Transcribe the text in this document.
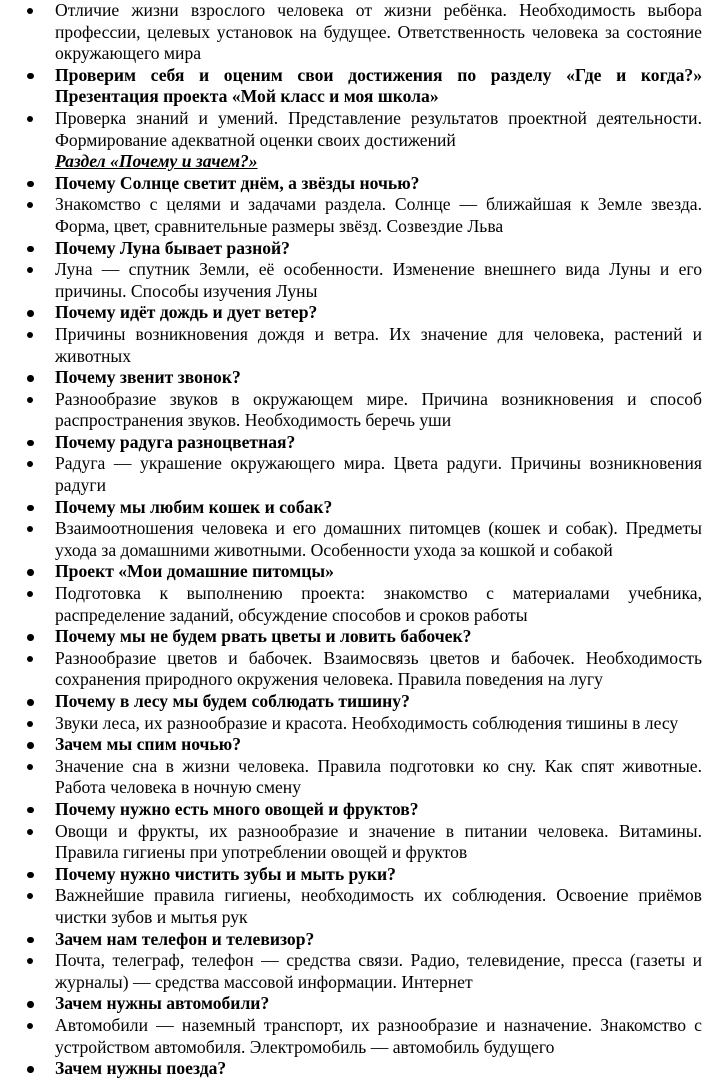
Отличие жизни взрослого человека от жизни ребёнка. Необходимость выбора профессии, целевых установок на будущее. Ответственность человека за состояние окружающего мира
Проверим себя и оценим свои достижения по разделу «Где и когда?» Презентация проекта «Мой класс и моя школа»
Проверка знаний и умений. Представление результатов проектной деятельности. Формирование адекватной оценки своих достижений
Раздел «Почему и зачем?»
Почему Солнце светит днём, а звёзды ночью?
Знакомство с целями и задачами раздела. Солнце — ближайшая к Земле звезда. Форма, цвет, сравнительные размеры звёзд. Созвездие Льва
Почему Луна бывает разной?
Луна — спутник Земли, её особенности. Изменение внешнего вида Луны и его причины. Способы изучения Луны
Почему идёт дождь и дует ветер?
Причины возникновения дождя и ветра. Их значение для человека, растений и животных
Почему звенит звонок?
Разнообразие звуков в окружающем мире. Причина возникновения и способ распространения звуков. Необходимость беречь уши
Почему радуга разноцветная?
Радуга — украшение окружающего мира. Цвета радуги. Причины возникновения радуги
Почему мы любим кошек и собак?
Взаимоотношения человека и его домашних питомцев (кошек и собак). Предметы ухода за домашними животными. Особенности ухода за кошкой и собакой
Проект «Мои домашние питомцы»
Подготовка к выполнению проекта: знакомство с материалами учебника, распределение заданий, обсуждение способов и сроков работы
Почему мы не будем рвать цветы и ловить бабочек?
Разнообразие цветов и бабочек. Взаимосвязь цветов и бабочек. Необходимость сохранения природного окружения человека. Правила поведения на лугу
Почему в лесу мы будем соблюдать тишину?
Звуки леса, их разнообразие и красота. Необходимость соблюдения тишины в лесу
Зачем мы спим ночью?
Значение сна в жизни человека. Правила подготовки ко сну. Как спят животные. Работа человека в ночную смену
Почему нужно есть много овощей и фруктов?
Овощи и фрукты, их разнообразие и значение в питании человека. Витамины. Правила гигиены при употреблении овощей и фруктов
Почему нужно чистить зубы и мыть руки?
Важнейшие правила гигиены, необходимость их соблюдения. Освоение приёмов чистки зубов и мытья рук
Зачем нам телефон и телевизор?
Почта, телеграф, телефон — средства связи. Радио, телевидение, пресса (газеты и журналы) — средства массовой информации. Интернет
Зачем нужны автомобили?
Автомобили — наземный транспорт, их разнообразие и назначение. Знакомство с устройством автомобиля. Электромобиль — автомобиль будущего
Зачем нужны поезда?
